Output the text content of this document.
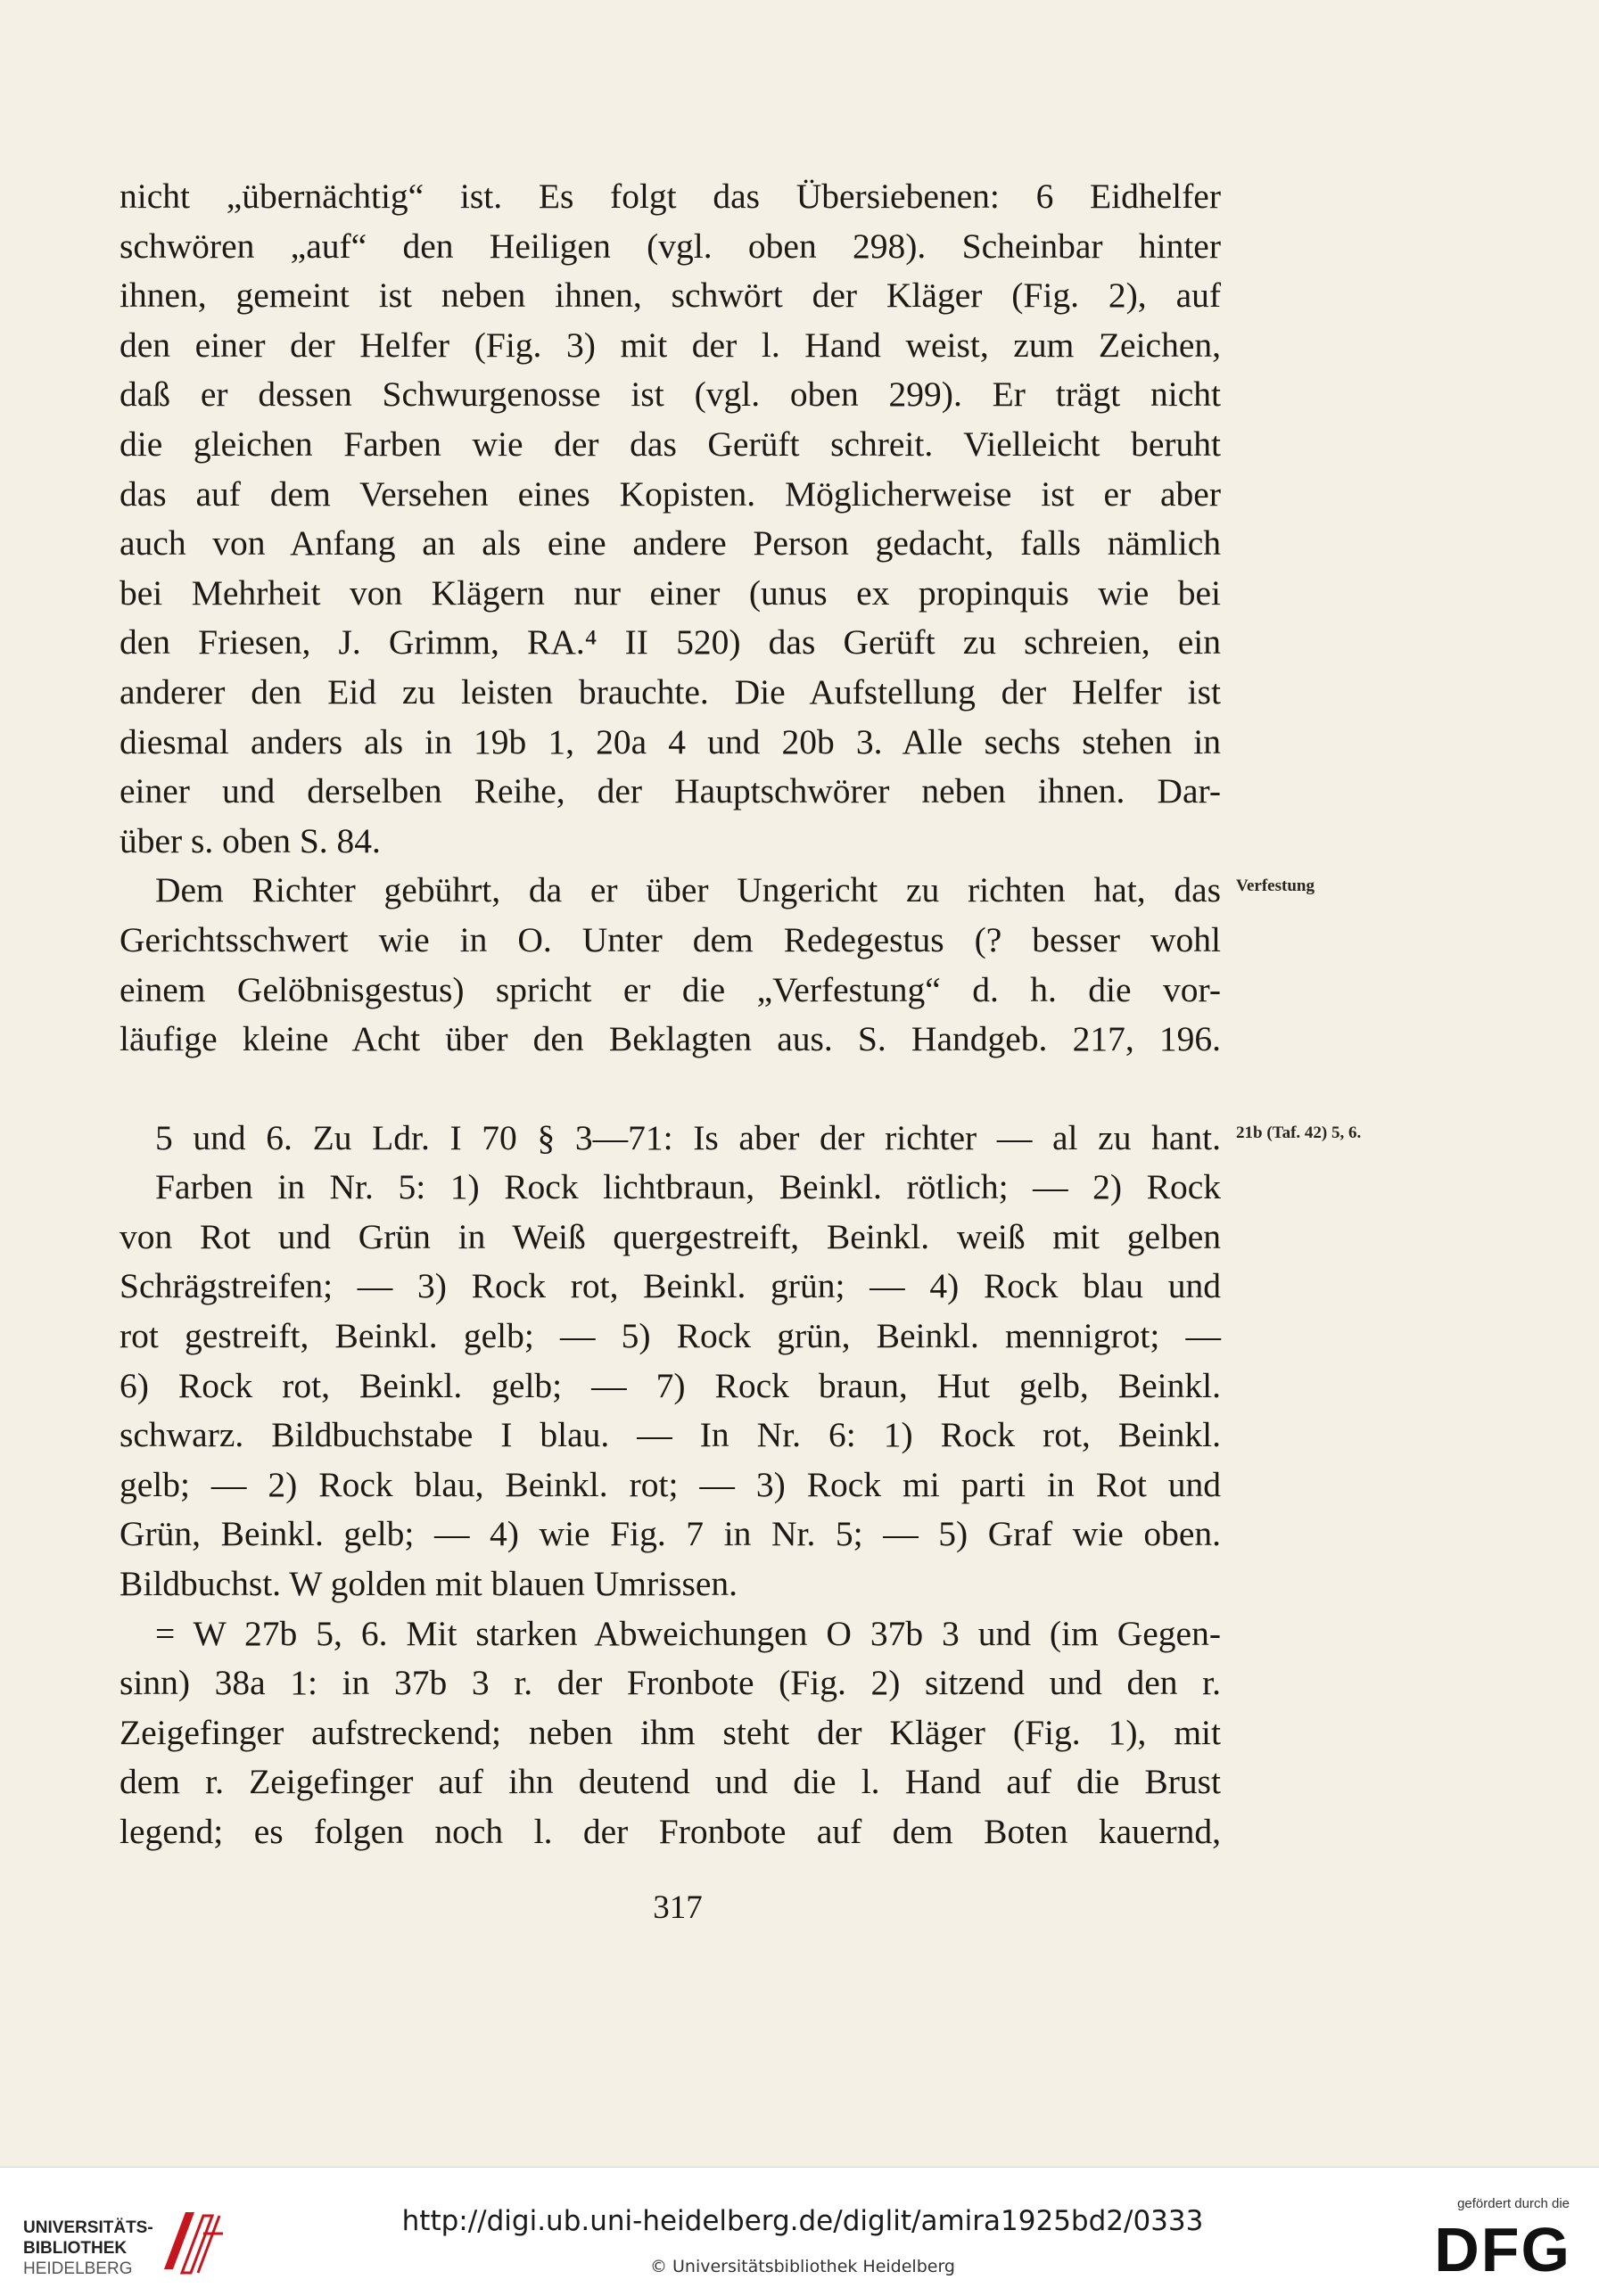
nicht „übernächtig“ ist. Es folgt das Übersiebenen: 6 Eidhelfer
schwören „auf“ den Heiligen (vgl. oben 298). Scheinbar hinter
ihnen, gemeint ist neben ihnen, schwört der Kläger (Fig. 2), auf
den einer der Helfer (Fig. 3) mit der l. Hand weist, zum Zeichen,
daß er dessen Schwurgenosse ist (vgl. oben 299). Er trägt nicht
die gleichen Farben wie der das Gerüft schreit. Vielleicht beruht
das auf dem Versehen eines Kopisten. Möglicherweise ist er aber
auch von Anfang an als eine andere Person gedacht, falls nämlich
bei Mehrheit von Klägern nur einer (unus ex propinquis wie bei
den Friesen, J. Grimm, RA.⁴ II 520) das Gerüft zu schreien, ein
anderer den Eid zu leisten brauchte. Die Aufstellung der Helfer ist
diesmal anders als in 19b 1, 20a 4 und 20b 3. Alle sechs stehen in
einer und derselben Reihe, der Hauptschwörer neben ihnen. Dar-
über s. oben S. 84.
Dem Richter gebührt, da er über Ungericht zu richten hat, das
Gerichtsschwert wie in O. Unter dem Redegestus (? besser wohl
einem Gelöbnisgestus) spricht er die „Verfestung“ d. h. die vor-
läufige kleine Acht über den Beklagten aus. S. Handgeb. 217, 196.
5 und 6. Zu Ldr. I 70 § 3—71: Is aber der richter — al zu hant.
Farben in Nr. 5: 1) Rock lichtbraun, Beinkl. rötlich; — 2) Rock
von Rot und Grün in Weiß quergestreift, Beinkl. weiß mit gelben
Schrägstreifen; — 3) Rock rot, Beinkl. grün; — 4) Rock blau und
rot gestreift, Beinkl. gelb; — 5) Rock grün, Beinkl. mennigrot; —
6) Rock rot, Beinkl. gelb; — 7) Rock braun, Hut gelb, Beinkl.
schwarz. Bildbuchstabe I blau. — In Nr. 6: 1) Rock rot, Beinkl.
gelb; — 2) Rock blau, Beinkl. rot; — 3) Rock mi parti in Rot und
Grün, Beinkl. gelb; — 4) wie Fig. 7 in Nr. 5; — 5) Graf wie oben.
Bildbuchst. W golden mit blauen Umrissen.
= W 27b 5, 6. Mit starken Abweichungen O 37b 3 und (im Gegen-
sinn) 38a 1: in 37b 3 r. der Fronbote (Fig. 2) sitzend und den r.
Zeigefinger aufstreckend; neben ihm steht der Kläger (Fig. 1), mit
dem r. Zeigefinger auf ihn deutend und die l. Hand auf die Brust
legend; es folgen noch l. der Fronbote auf dem Boten kauernd,
Verfestung
21b (Taf. 42) 5, 6.
317
UNIVERSITÄTS-
BIBLIOTHEK
HEIDELBERG
http://digi.ub.uni-heidelberg.de/diglit/amira1925bd2/0333
© Universitätsbibliothek Heidelberg
gefördert durch die
DFG
